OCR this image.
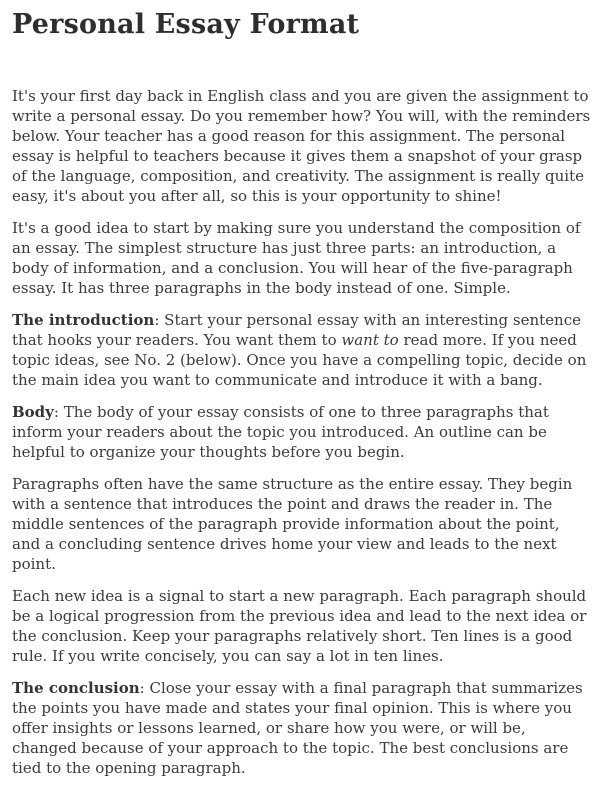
Personal Essay Format

It's your first day back in English class and you are given the assignment to write a personal essay. Do you remember how? You will, with the reminders below. Your teacher has a good reason for this assignment. The personal essay is helpful to teachers because it gives them a snapshot of your grasp of the language, composition, and creativity. The assignment is really quite easy, it's about you after all, so this is your opportunity to shine!

It's a good idea to start by making sure you understand the composition of an essay. The simplest structure has just three parts: an introduction, a body of information, and a conclusion. You will hear of the five-paragraph essay. It has three paragraphs in the body instead of one. Simple.

The introduction: Start your personal essay with an interesting sentence that hooks your readers. You want them to want to read more. If you need topic ideas, see No. 2 (below). Once you have a compelling topic, decide on the main idea you want to communicate and introduce it with a bang.

Body: The body of your essay consists of one to three paragraphs that inform your readers about the topic you introduced. An outline can be helpful to organize your thoughts before you begin.

Paragraphs often have the same structure as the entire essay. They begin with a sentence that introduces the point and draws the reader in. The middle sentences of the paragraph provide information about the point, and a concluding sentence drives home your view and leads to the next point.

Each new idea is a signal to start a new paragraph. Each paragraph should be a logical progression from the previous idea and lead to the next idea or the conclusion. Keep your paragraphs relatively short. Ten lines is a good rule. If you write concisely, you can say a lot in ten lines.

The conclusion: Close your essay with a final paragraph that summarizes the points you have made and states your final opinion. This is where you offer insights or lessons learned, or share how you were, or will be, changed because of your approach to the topic. The best conclusions are tied to the opening paragraph.
